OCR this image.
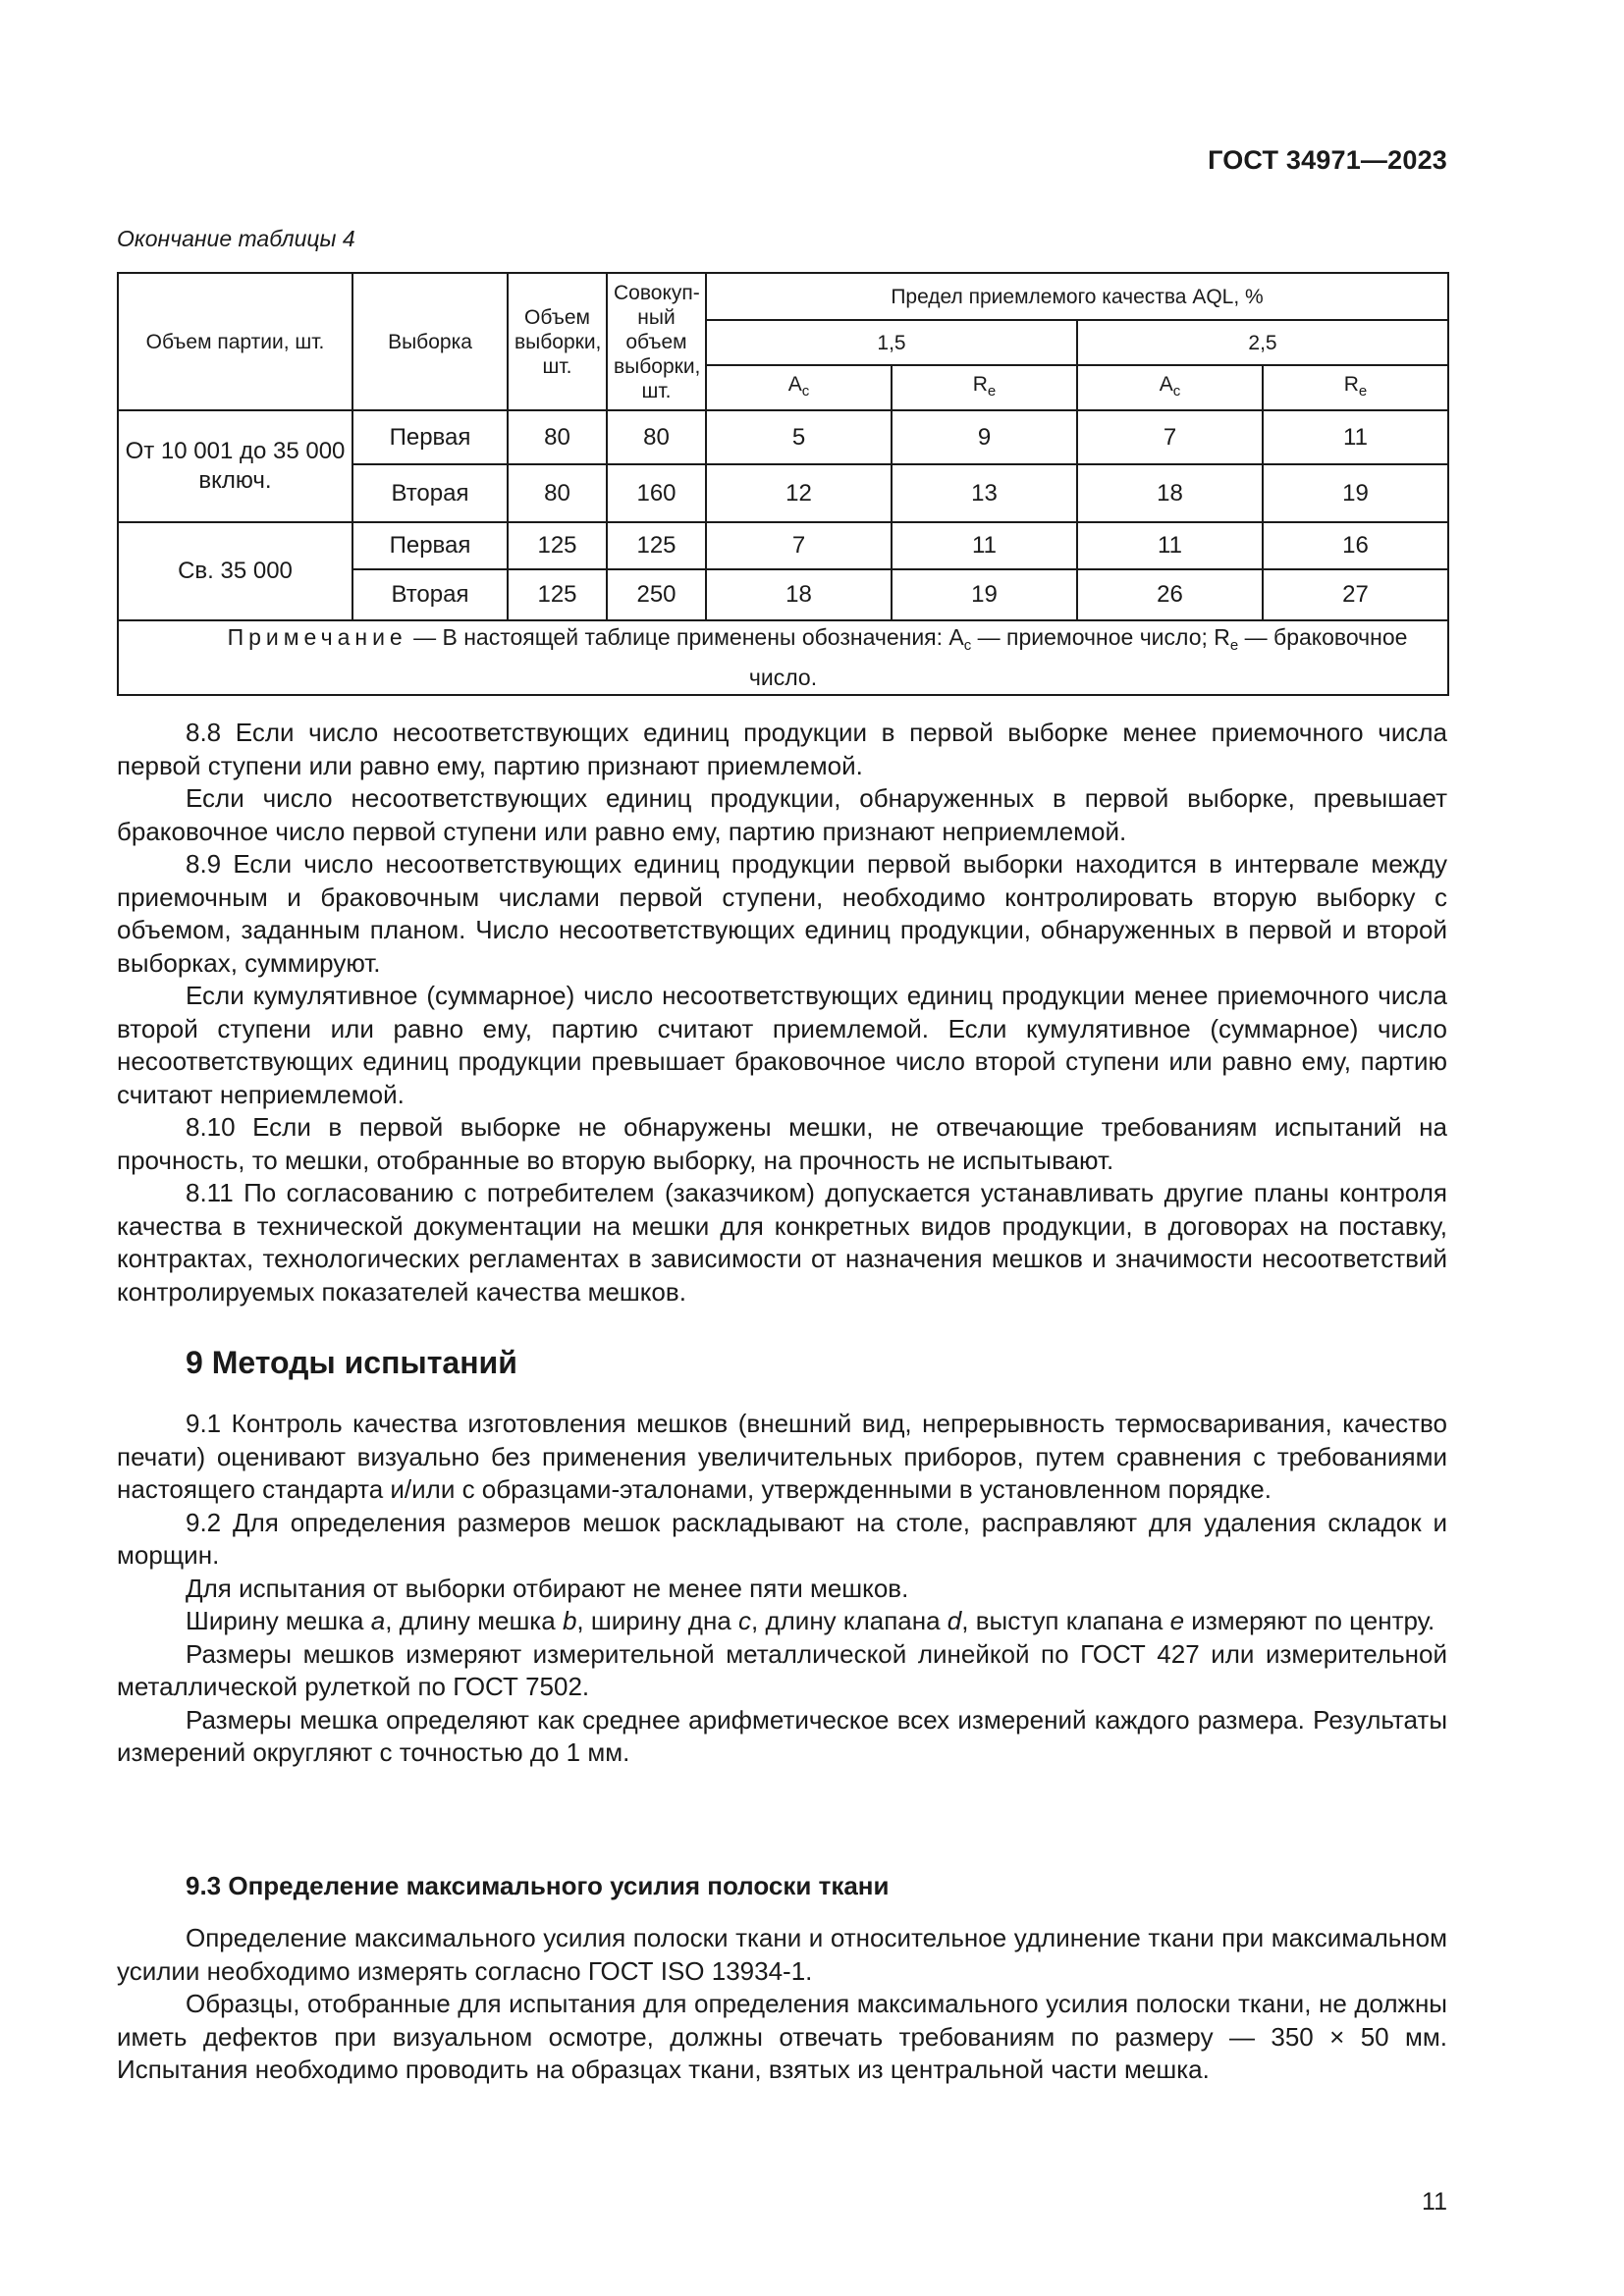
ГОСТ 34971—2023
Окончание таблицы 4
Объем партии, шт.	Выборка	Объем выборки, шт.	Совокуп-ный объем выборки, шт.	Предел приемлемого качества AQL, %			
				1,5		2,5	
				$A_c$	$R_e$	$A_c$	$R_e$
От 10 001 до 35 000 включ.	Первая	80	80	5	9	7	11
	Вторая	80	160	12	13	18	19
Св. 35 000	Первая	125	125	7	11	11	16
	Вторая	125	250	18	19	26	27
Примечание — В настоящей таблице применены обозначения: $A_c$ — приемочное число; $R_e$ — браковочное число.							

8.8 Если число несоответствующих единиц продукции в первой выборке менее приемочного числа первой ступени или равно ему, партию признают приемлемой.

Если число несоответствующих единиц продукции, обнаруженных в первой выборке, превышает браковочное число первой ступени или равно ему, партию признают неприемлемой.

8.9 Если число несоответствующих единиц продукции первой выборки находится в интервале между приемочным и браковочным числами первой ступени, необходимо контролировать вторую выборку с объемом, заданным планом. Число несоответствующих единиц продукции, обнаруженных в первой и второй выборках, суммируют.

Если кумулятивное (суммарное) число несоответствующих единиц продукции менее приемочного числа второй ступени или равно ему, партию считают приемлемой. Если кумулятивное (суммарное) число несоответствующих единиц продукции превышает браковочное число второй ступени или равно ему, партию считают неприемлемой.

8.10 Если в первой выборке не обнаружены мешки, не отвечающие требованиям испытаний на прочность, то мешки, отобранные во вторую выборку, на прочность не испытывают.

8.11 По согласованию с потребителем (заказчиком) допускается устанавливать другие планы контроля качества в технической документации на мешки для конкретных видов продукции, в договорах на поставку, контрактах, технологических регламентах в зависимости от назначения мешков и значимости несоответствий контролируемых показателей качества мешков.

9 Методы испытаний

9.1 Контроль качества изготовления мешков (внешний вид, непрерывность термосваривания, качество печати) оценивают визуально без применения увеличительных приборов, путем сравнения с требованиями настоящего стандарта и/или с образцами-эталонами, утвержденными в установленном порядке.

9.2 Для определения размеров мешок раскладывают на столе, расправляют для удаления складок и морщин.

Для испытания от выборки отбирают не менее пяти мешков.

Ширину мешка a, длину мешка b, ширину дна c, длину клапана d, выступ клапана e измеряют по центру.

Размеры мешков измеряют измерительной металлической линейкой по ГОСТ 427 или измерительной металлической рулеткой по ГОСТ 7502.

Размеры мешка определяют как среднее арифметическое всех измерений каждого размера. Результаты измерений округляют с точностью до 1 мм.

9.3 Определение максимального усилия полоски ткани

Определение максимального усилия полоски ткани и относительное удлинение ткани при максимальном усилии необходимо измерять согласно ГОСТ ISO 13934-1.

Образцы, отобранные для испытания для определения максимального усилия полоски ткани, не должны иметь дефектов при визуальном осмотре, должны отвечать требованиям по размеру — 350 × 50 мм. Испытания необходимо проводить на образцах ткани, взятых из центральной части мешка.

11
